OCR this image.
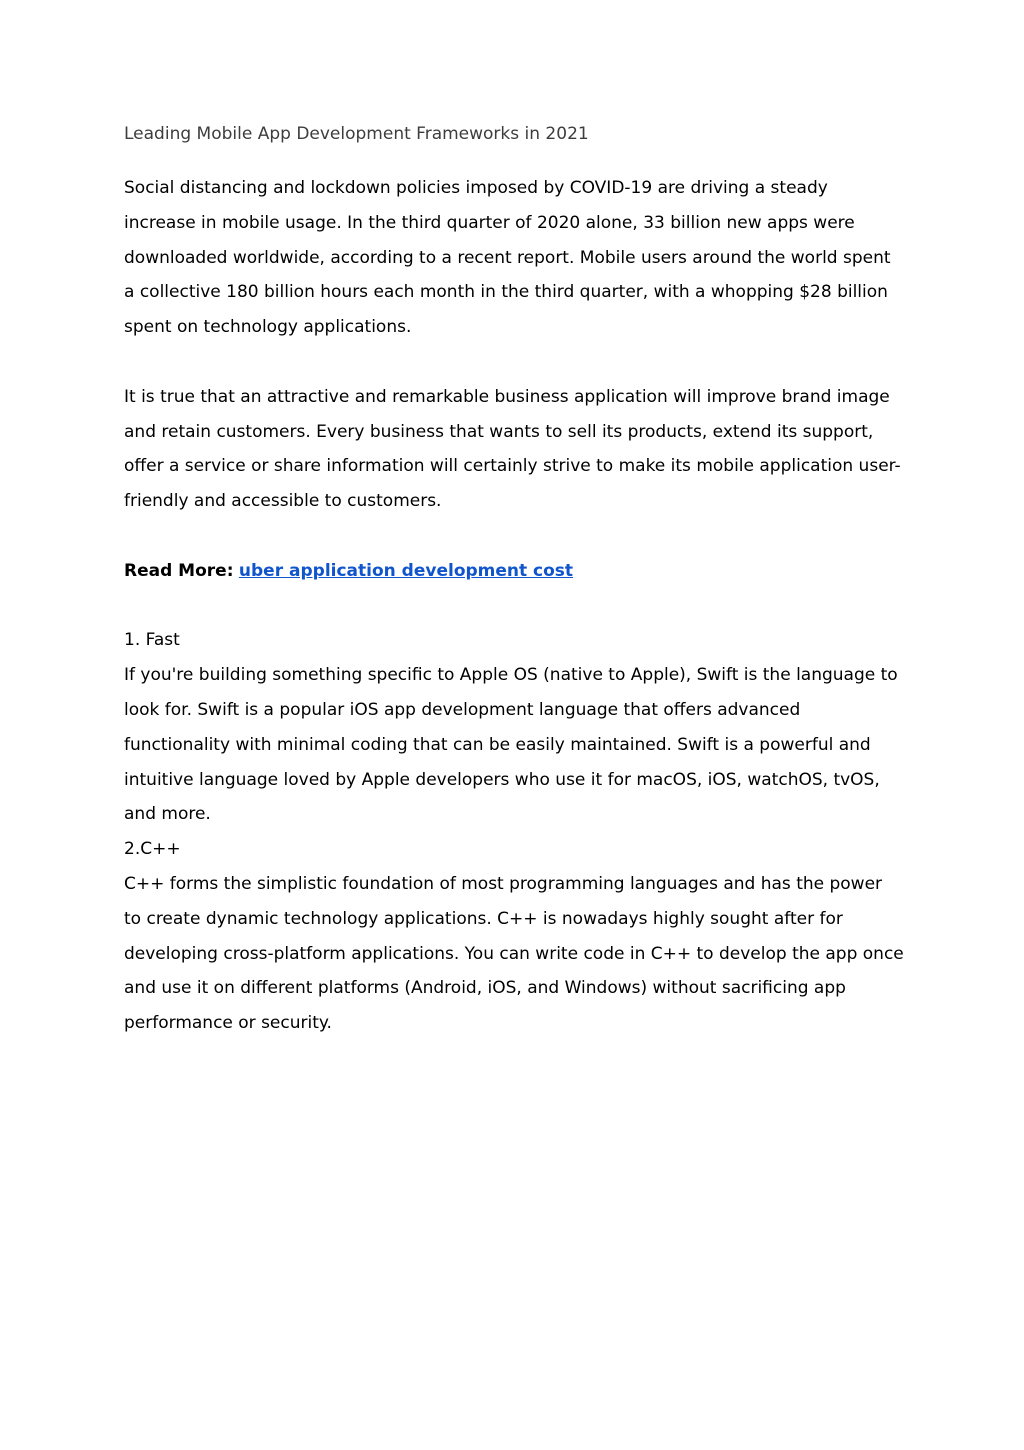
Leading Mobile App Development Frameworks in 2021

Social distancing and lockdown policies imposed by COVID-19 are driving a steady increase in mobile usage. In the third quarter of 2020 alone, 33 billion new apps were downloaded worldwide, according to a recent report. Mobile users around the world spent a collective 180 billion hours each month in the third quarter, with a whopping $28 billion spent on technology applications.

It is true that an attractive and remarkable business application will improve brand image and retain customers. Every business that wants to sell its products, extend its support, offer a service or share information will certainly strive to make its mobile application user-friendly and accessible to customers.

Read More: uber application development cost

1. Fast

If you're building something specific to Apple OS (native to Apple), Swift is the language to look for. Swift is a popular iOS app development language that offers advanced functionality with minimal coding that can be easily maintained. Swift is a powerful and intuitive language loved by Apple developers who use it for macOS, iOS, watchOS, tvOS, and more.

2.C++

C++ forms the simplistic foundation of most programming languages and has the power to create dynamic technology applications. C++ is nowadays highly sought after for developing cross-platform applications. You can write code in C++ to develop the app once and use it on different platforms (Android, iOS, and Windows) without sacrificing app performance or security.
